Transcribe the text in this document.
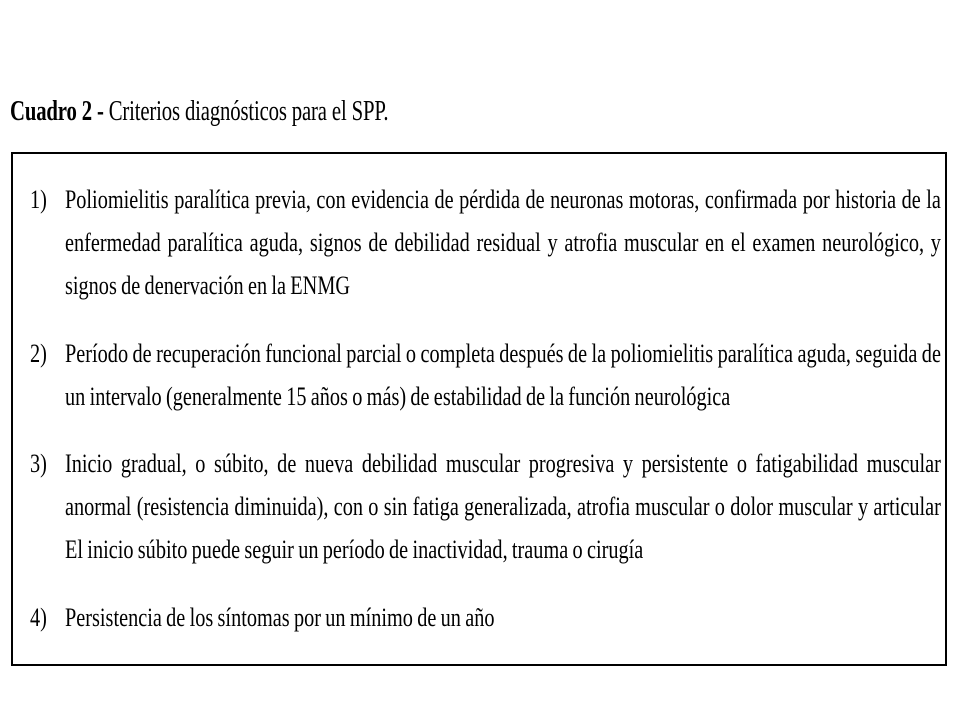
Cuadro 2 - Criterios diagnósticos para el SPP.
1) Poliomielitis paralítica previa, con evidencia de pérdida de neuronas motoras, confirmada por historia de la enfermedad paralítica aguda, signos de debilidad residual y atrofia muscular en el examen neurológico, y signos de denervación en la ENMG
2) Período de recuperación funcional parcial o completa después de la poliomielitis paralítica aguda, seguida de un intervalo (generalmente 15 años o más) de estabilidad de la función neurológica
3) Inicio gradual, o súbito, de nueva debilidad muscular progresiva y persistente o fatigabilidad muscular anormal (resistencia diminuida), con o sin fatiga generalizada, atrofia muscular o dolor muscular y articular El inicio súbito puede seguir un período de inactividad, trauma o cirugía
4) Persistencia de los síntomas por un mínimo de un año
